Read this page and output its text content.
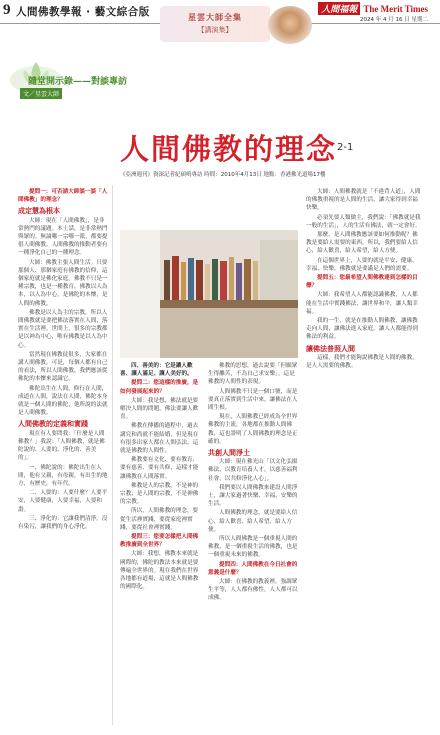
9 人間佛教學報 · 藝文綜合版	人間福報 The Merit Times
2024 年 4 月 16 日 星期二
星雲大師全集
【講演集】
隨堂開示錄——對談專訪
文／星雲大師
人間佛教的理念 2-1
《亞洲週刊》資深記者紀碩鳴專訪 時間：2010年4月13日 地點：香港佛光道場17樓

提問一：可否請大師談一談「人間佛教」的理念？

成定慧為根本

大師：現在「人間佛教」，是非常熱門的議題。本土話，是非常熱門與眾的。無論哪一宗哪一派，都要提倡人間佛教。人間佛教的推動者要有一種淨化自己的一種理念。

大師：佛教主張人間生活。只要那個人、那個家庭有佛教的信仰，這個家庭就是佛化家庭。佛教不只是一種宗教，也是一種教育。佛教以人為本，以人為中心，是佛陀的本懷，是人間的佛教。

佛教是以人為主的宗教，所以人間佛教就是要把佛法落實在人間，落實在生活裡。世間上，很多的宗教都是以神為中心，唯有佛教是以人為中心。

當然現在佛教徒很多，大家都在講人間佛教。可是，每個人都有自己的看法，所以人間佛教，我們應該從佛陀的本懷來認識它。

佛陀出生在人間，修行在人間，成道在人間，說法在人間，佛陀本身就是一個人間的佛陀，他所說的法就是人間佛教。

人間佛教的定義和實踐

現在有人要問我：「什麼是人間佛教？」我說：「人間佛教，就是佛陀說的、人要的、淨化的、善美的」。

一、佛陀說的：佛陀出生在人間，他有父親，有母親，有出生的地方，有歷史，有年代。

二、人要的：人要什麼？人要平安，人要健康，人要幸福，人要和諧。

三、淨化的：它讓我們清淨，沒有染污，讓我們的身心淨化。

四、善美的：它是讓人歡喜、讓人滿足、讓人美好的。

提問二：您這樣的推廣，是如何發展起來的？

大師：我是想，佛法就是要解決人間的問題，佛法要讓人歡喜。

佛教在傳播的過程中，過去講究和尚就不能結婚，但是現在有很多出家人都在人間弘法，這就是佛教的人間性。

佛教要有文化、要有教育、要有慈善、要有共修，這樣才能讓佛教在人間落實。

佛教是人的宗教，不是神的宗教；是人間的宗教，不是神佛的宗教。

所以，人間佛教的理念，要從生活裡實踐，要從家庭裡實踐，要從社會裡實踐。

提問三：您要怎樣把人間佛教推廣到全世界？

大師：我想，佛教本來就是國際的，佛陀的教法本來就是要傳遍全世界的。現在我們在世界各地都有道場，這就是人間佛教的國際化。

佛教的思想，過去說要「但願眾生得離苦，不為自己求安樂」。這是佛教的人間性的表現。

人間佛教不只是一個口號，而是要真正落實到生活中來，讓佛法在人間生根。

現在，人間佛教已經成為全世界佛教的主流，各地都在推動人間佛教，這也證明了人間佛教的理念是正確的。

共創人間淨土

大師：現在佛光山「以文化弘揚佛法，以教育培養人才，以慈善福利社會，以共修淨化人心」。

我們要以人間佛教來建設人間淨土，讓大家過著快樂、幸福、安樂的生活。

人間佛教的理念，就是要給人信心、給人歡喜、給人希望、給人方便。

所以人間佛教是一個重視人間的佛教，是一個重視生活的佛教，也是一個重視未來的佛教。

提問四：人間佛教在今日社會的意義是什麼？

大師：在佛教的教義裡，強調眾生平等，人人都有佛性，人人都可以成佛。

大師：人間佛教就是「不違背人道」，人間的佛教重視的是人間的生活，讓大家得到幸福快樂。

必須先要人類做主，我們說：「佛教就是我一般的生活」，人的生活有佛法，就一定會好。

那麼，是人間佛教應該要如何推動呢？佛教是要給人需要的東西，所以，我們要給人信心，給人歡喜，給人希望，給人方便。

在這個世界上，人要的就是平安、健康、幸福、快樂，佛教就是要滿足人們的需要。

提問五：您最希望人間佛教達到怎樣的目標？

大師：我希望人人都能認識佛教，人人都能在生活中實踐佛法，讓世界和平，讓人類幸福。

我的一生，就是在推動人間佛教，讓佛教走向人間，讓佛法進入家庭，讓人人都能得到佛法的利益。

讓佛法普照人間

這樣，我們才能夠說佛教是人間的佛教，是人人需要的佛教。
